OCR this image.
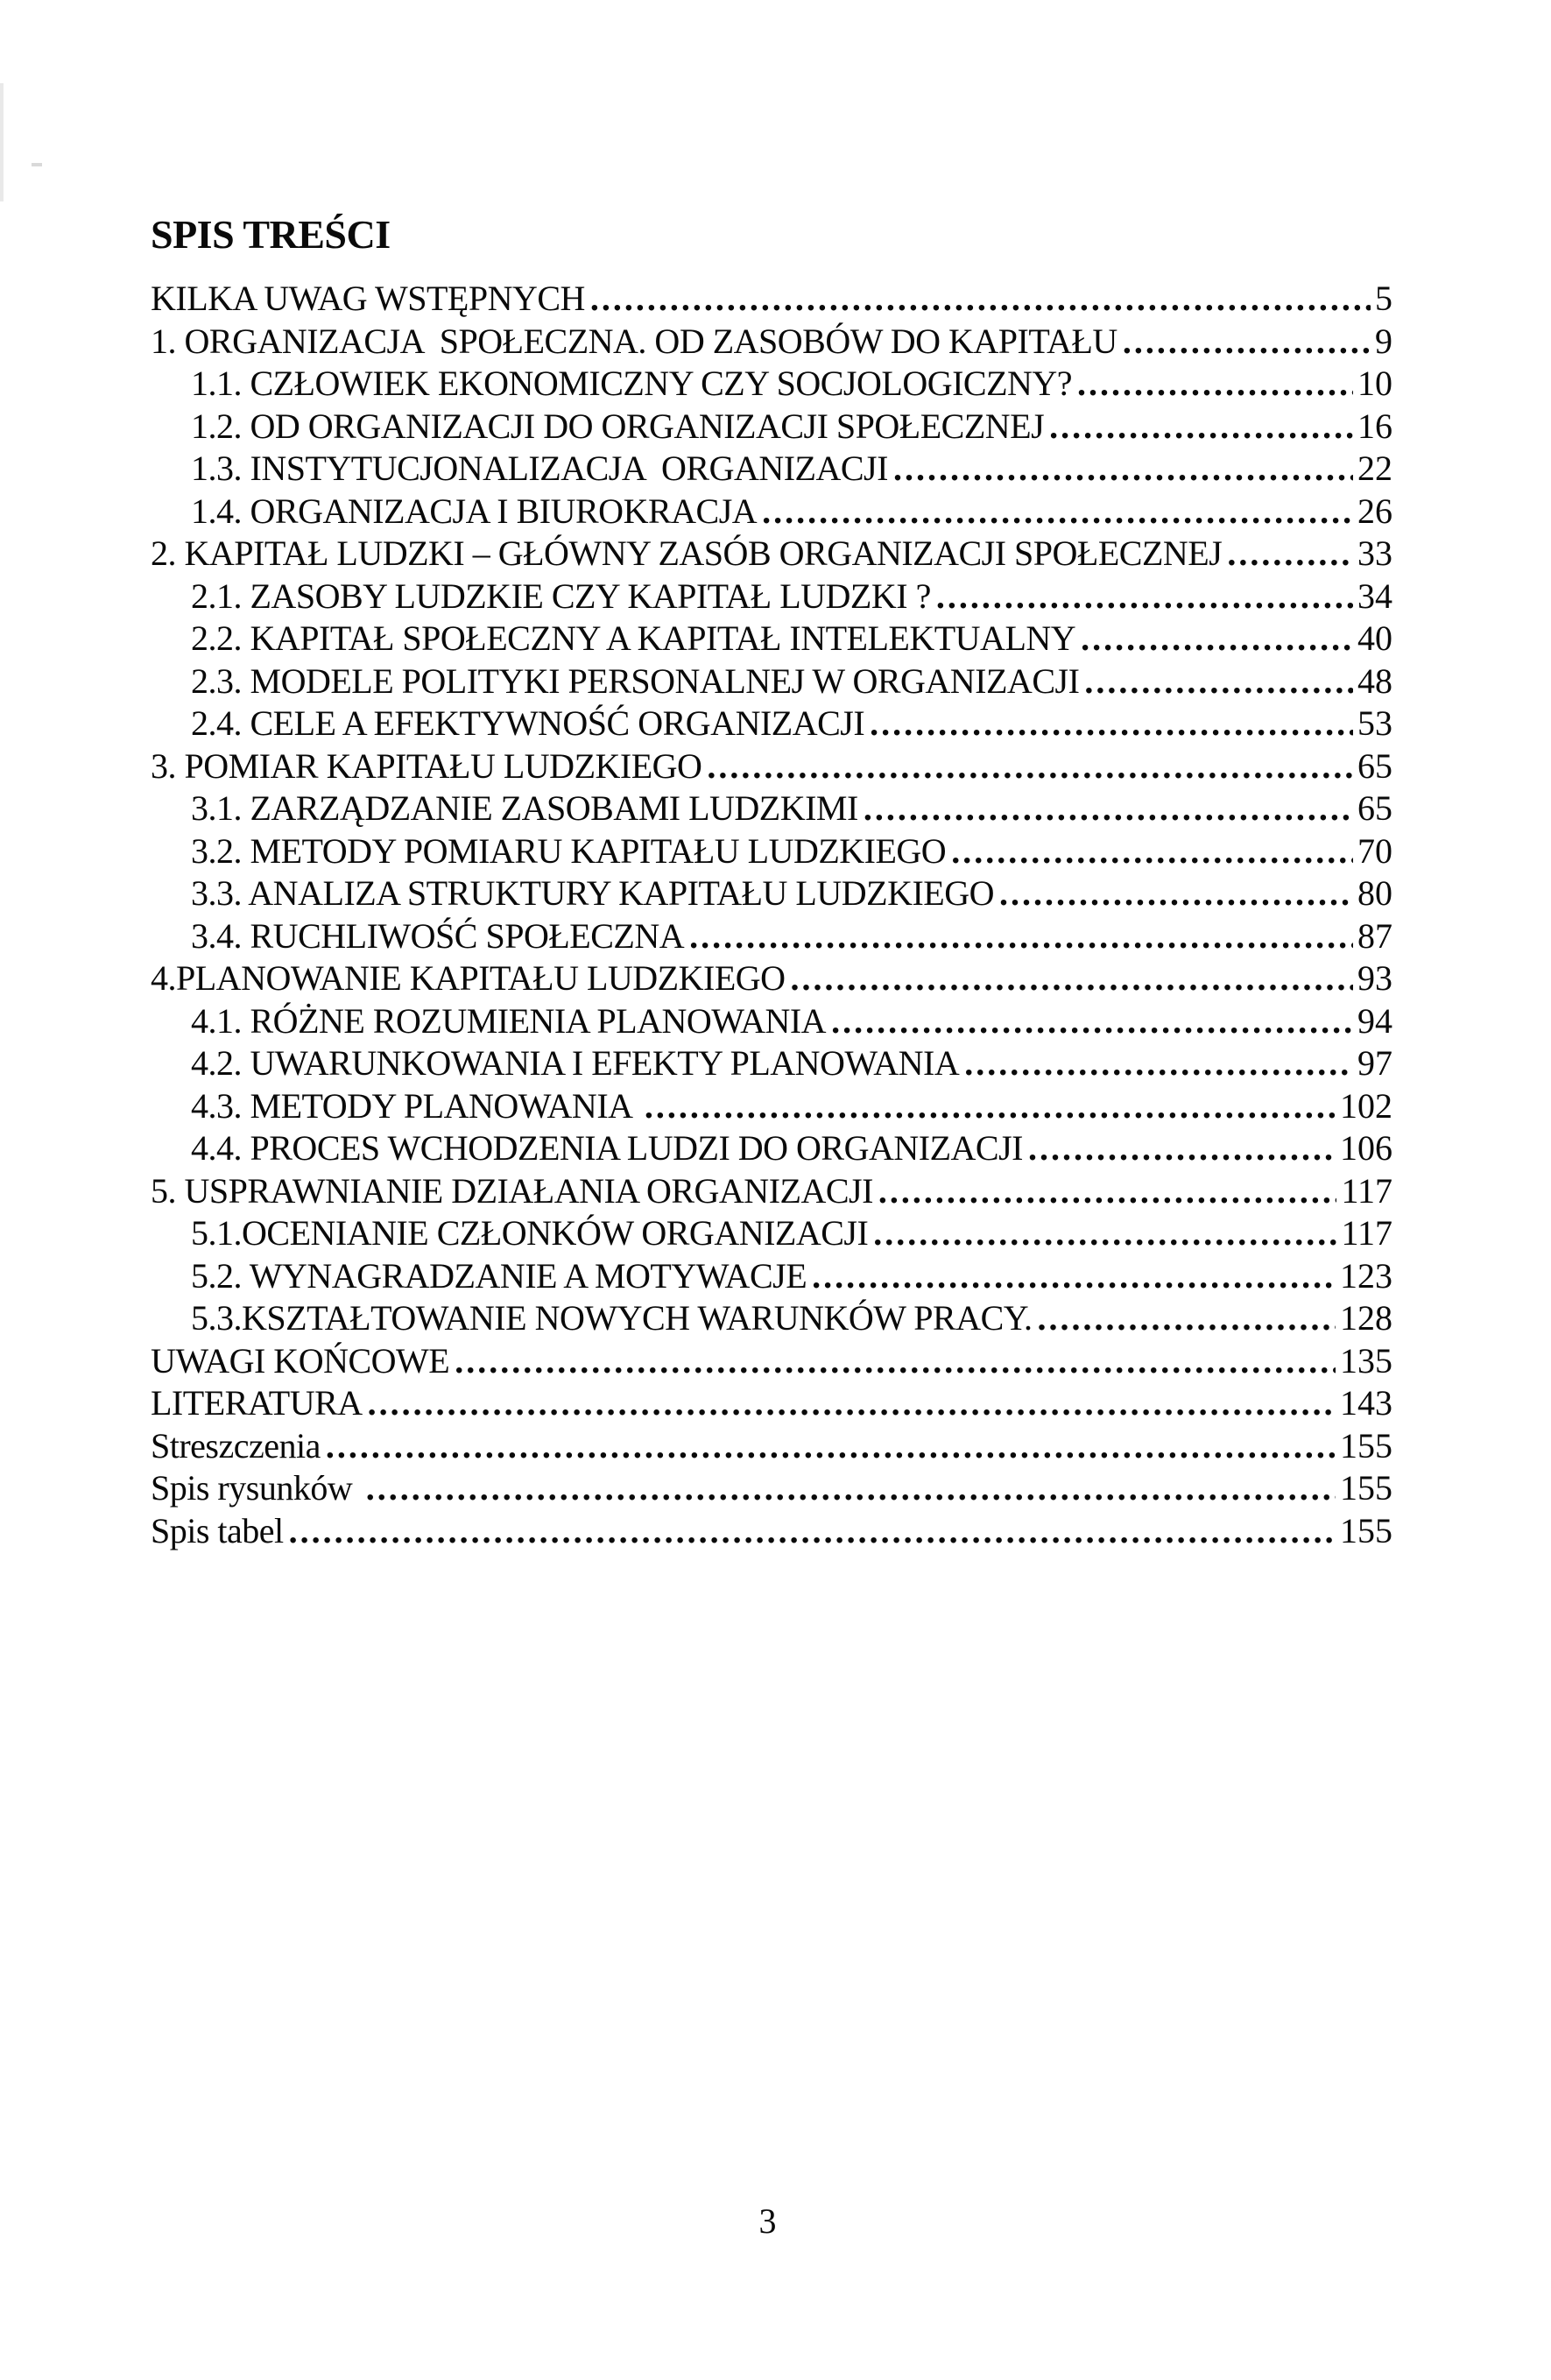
SPIS TREŚCI
KILKA UWAG WSTĘPNYCH .....	5
1. ORGANIZACJA  SPOŁECZNA. OD ZASOBÓW DO KAPITAŁU .....	9
1.1. CZŁOWIEK EKONOMICZNY CZY SOCJOLOGICZNY? .....	10
1.2. OD ORGANIZACJI DO ORGANIZACJI SPOŁECZNEJ .....	16
1.3. INSTYTUCJONALIZACJA  ORGANIZACJI .....	22
1.4. ORGANIZACJA I BIUROKRACJA .....	26
2. KAPITAŁ LUDZKI – GŁÓWNY ZASÓB ORGANIZACJI SPOŁECZNEJ .....	33
2.1. ZASOBY LUDZKIE CZY KAPITAŁ LUDZKI ? .....	34
2.2. KAPITAŁ SPOŁECZNY A KAPITAŁ INTELEKTUALNY .....	40
2.3. MODELE POLITYKI PERSONALNEJ W ORGANIZACJI .....	48
2.4. CELE A EFEKTYWNOŚĆ ORGANIZACJI .....	53
3. POMIAR KAPITAŁU LUDZKIEGO .....	65
3.1. ZARZĄDZANIE ZASOBAMI LUDZKIMI .....	65
3.2. METODY POMIARU KAPITAŁU LUDZKIEGO .....	70
3.3. ANALIZA STRUKTURY KAPITAŁU LUDZKIEGO .....	80
3.4. RUCHLIWOŚĆ SPOŁECZNA .....	87
4.PLANOWANIE KAPITAŁU LUDZKIEGO .....	93
4.1. RÓŻNE ROZUMIENIA PLANOWANIA .....	94
4.2. UWARUNKOWANIA I EFEKTY PLANOWANIA .....	97
4.3. METODY PLANOWANIA .....	102
4.4. PROCES WCHODZENIA LUDZI DO ORGANIZACJI .....	106
5. USPRAWNIANIE DZIAŁANIA ORGANIZACJI .....	117
5.1.OCENIANIE CZŁONKÓW ORGANIZACJI .....	117
5.2. WYNAGRADZANIE A MOTYWACJE .....	123
5.3.KSZTAŁTOWANIE NOWYCH WARUNKÓW PRACY. .....	128
UWAGI KOŃCOWE .....	135
LITERATURA .....	143
Streszczenia .....	155
Spis rysunków .....	155
Spis tabel .....	155
3
